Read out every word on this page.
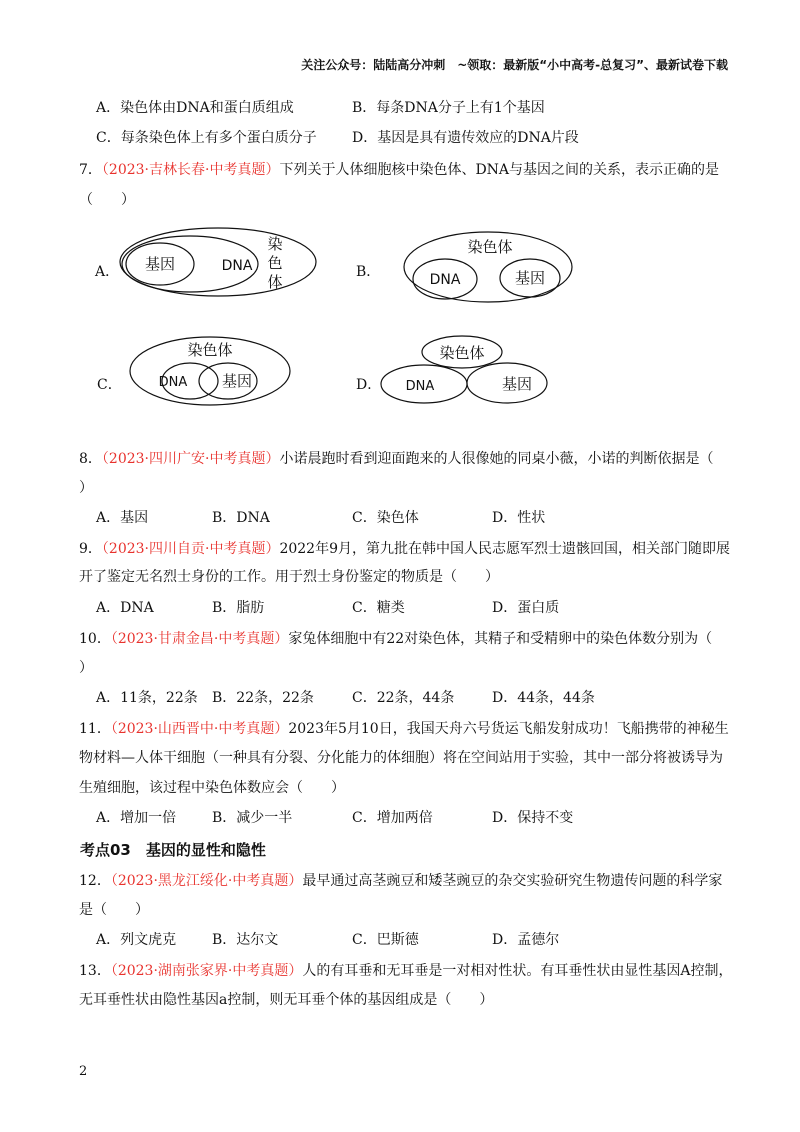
关注公众号：陆陆高分冲刺　~领取：最新版“小中高考-总复习”、最新试卷下载
A．染色体由DNA和蛋白质组成	B．每条DNA分子上有1个基因
C．每条染色体上有多个蛋白质分子	D．基因是具有遗传效应的DNA片段
7．（2023·吉林长春·中考真题）下列关于人体细胞核中染色体、DNA与基因之间的关系，表示正确的是
（　　）
A．	B．
C．	D．
基因	DNA
染
色
体
染色体
DNA	基因
染色体
DNA 基因
染色体
DNA	基因
8．（2023·四川广安·中考真题）小诺晨跑时看到迎面跑来的人很像她的同桌小薇，小诺的判断依据是（
）
A．基因	B．DNA	C．染色体	D．性状
9．（2023·四川自贡·中考真题）2022年9月，第九批在韩中国人民志愿军烈士遗骸回国，相关部门随即展
开了鉴定无名烈士身份的工作。用于烈士身份鉴定的物质是（　　）
A．DNA	B．脂肪	C．糖类	D．蛋白质
10．（2023·甘肃金昌·中考真题）家兔体细胞中有22对染色体，其精子和受精卵中的染色体数分别为（
）
A．11条，22条 B．22条，22条	C．22条，44条	D．44条，44条
11．（2023·山西晋中·中考真题）2023年5月10日，我国天舟六号货运飞船发射成功！飞船携带的神秘生
物材料—人体干细胞（一种具有分裂、分化能力的体细胞）将在空间站用于实验，其中一部分将被诱导为
生殖细胞，该过程中染色体数应会（　　）
A．增加一倍	B．减少一半	C．增加两倍	D．保持不变
考点03　基因的显性和隐性
12．（2023·黑龙江绥化·中考真题）最早通过高茎豌豆和矮茎豌豆的杂交实验研究生物遗传问题的科学家
是（　　）
A．列文虎克	B．达尔文	C．巴斯德	D．孟德尔
13．（2023·湖南张家界·中考真题）人的有耳垂和无耳垂是一对相对性状。有耳垂性状由显性基因A控制，
无耳垂性状由隐性基因a控制，则无耳垂个体的基因组成是（　　）
2
